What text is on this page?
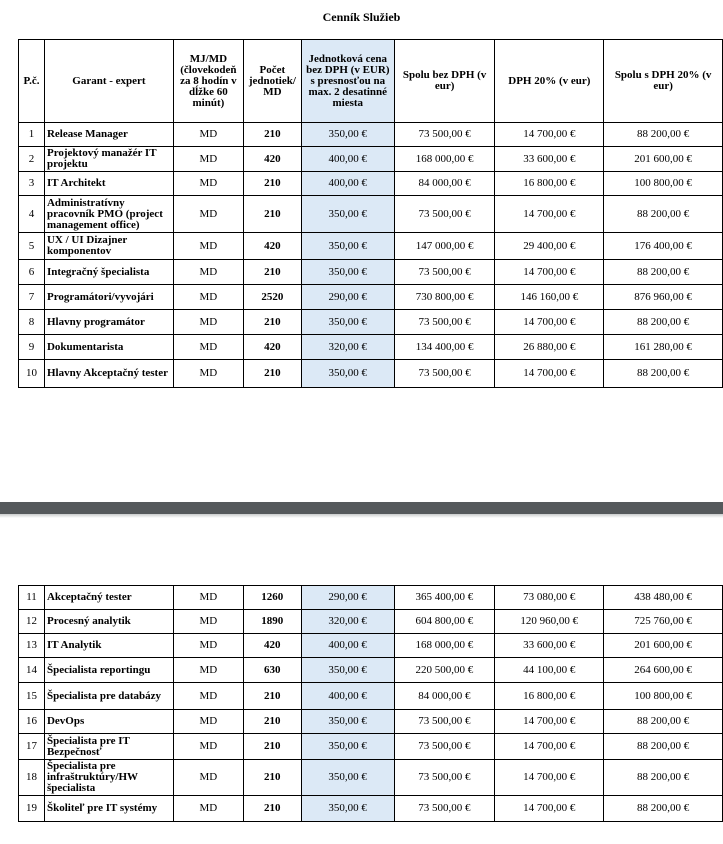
Cenník Služieb
P.č.	Garant - expert	MJ/MD (človekodeň za 8 hodín v dĺžke 60 minút)	Počet jednotiek/ MD	Jednotková cena bez DPH (v EUR) s presnosťou na max. 2 desatinné miesta	Spolu bez DPH (v eur)	DPH 20% (v eur)	Spolu s DPH 20% (v eur)
1	Release Manager	MD	210	350,00 €	73 500,00 €	14 700,00 €	88 200,00 €
2	Projektový manažér IT projektu	MD	420	400,00 €	168 000,00 €	33 600,00 €	201 600,00 €
3	IT Architekt	MD	210	400,00 €	84 000,00 €	16 800,00 €	100 800,00 €
4	Administratívny pracovník PMO (project management office)	MD	210	350,00 €	73 500,00 €	14 700,00 €	88 200,00 €
5	UX / UI Dizajner komponentov	MD	420	350,00 €	147 000,00 €	29 400,00 €	176 400,00 €
6	Integračný špecialista	MD	210	350,00 €	73 500,00 €	14 700,00 €	88 200,00 €
7	Programátori/vyvojári	MD	2520	290,00 €	730 800,00 €	146 160,00 €	876 960,00 €
8	Hlavny programátor	MD	210	350,00 €	73 500,00 €	14 700,00 €	88 200,00 €
9	Dokumentarista	MD	420	320,00 €	134 400,00 €	26 880,00 €	161 280,00 €
10	Hlavny Akceptačný tester	MD	210	350,00 €	73 500,00 €	14 700,00 €	88 200,00 €
11	Akceptačný tester	MD	1260	290,00 €	365 400,00 €	73 080,00 €	438 480,00 €
12	Procesný analytik	MD	1890	320,00 €	604 800,00 €	120 960,00 €	725 760,00 €
13	IT Analytik	MD	420	400,00 €	168 000,00 €	33 600,00 €	201 600,00 €
14	Špecialista reportingu	MD	630	350,00 €	220 500,00 €	44 100,00 €	264 600,00 €
15	Špecialista pre databázy	MD	210	400,00 €	84 000,00 €	16 800,00 €	100 800,00 €
16	DevOps	MD	210	350,00 €	73 500,00 €	14 700,00 €	88 200,00 €
17	Špecialista pre IT Bezpečnosť	MD	210	350,00 €	73 500,00 €	14 700,00 €	88 200,00 €
18	Špecialista pre infraštruktúry/HW špecialista	MD	210	350,00 €	73 500,00 €	14 700,00 €	88 200,00 €
19	Školiteľ pre IT systémy	MD	210	350,00 €	73 500,00 €	14 700,00 €	88 200,00 €
